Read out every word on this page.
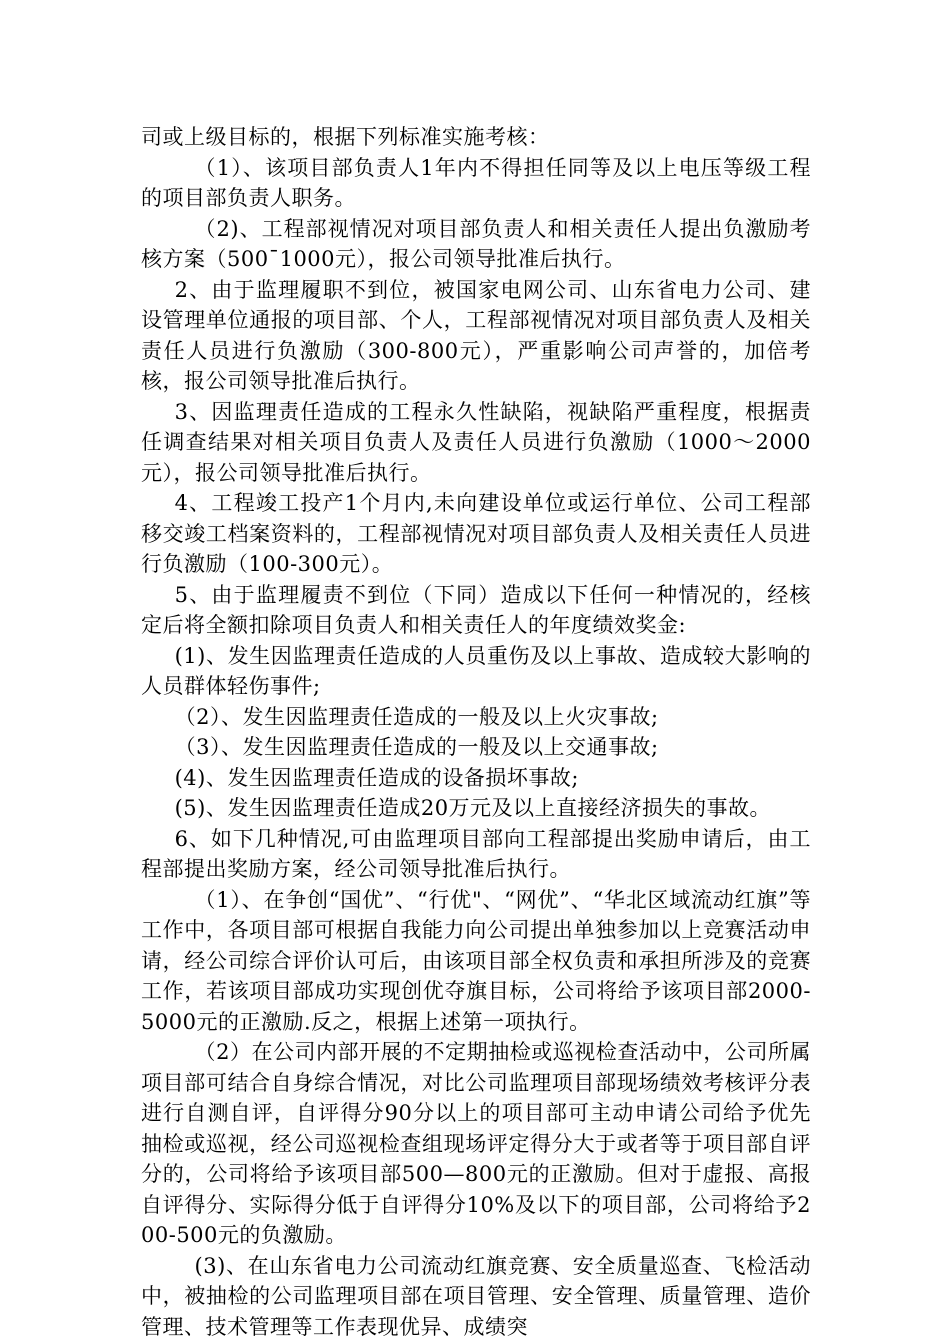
司或上级目标的，根据下列标准实施考核：

（1）、该项目部负责人1年内不得担任同等及以上电压等级工程的项目部负责人职务。

（2)、工程部视情况对项目部负责人和相关责任人提出负激励考核方案（500¯1000元），报公司领导批准后执行。

2、由于监理履职不到位，被国家电网公司、山东省电力公司、建设管理单位通报的项目部、个人，工程部视情况对项目部负责人及相关责任人员进行负激励（300-800元），严重影响公司声誉的，加倍考核，报公司领导批准后执行。

3、因监理责任造成的工程永久性缺陷，视缺陷严重程度，根据责任调查结果对相关项目负责人及责任人员进行负激励（1000～2000元），报公司领导批准后执行。

4、工程竣工投产1个月内,未向建设单位或运行单位、公司工程部移交竣工档案资料的，工程部视情况对项目部负责人及相关责任人员进行负激励（100-300元）。

5、由于监理履责不到位（下同）造成以下任何一种情况的，经核定后将全额扣除项目负责人和相关责任人的年度绩效奖金:

(1)、发生因监理责任造成的人员重伤及以上事故、造成较大影响的人员群体轻伤事件;

（2）、发生因监理责任造成的一般及以上火灾事故;

（3）、发生因监理责任造成的一般及以上交通事故;

(4)、发生因监理责任造成的设备损坏事故;

(5)、发生因监理责任造成20万元及以上直接经济损失的事故。

6、如下几种情况,可由监理项目部向工程部提出奖励申请后，由工程部提出奖励方案，经公司领导批准后执行。

（1）、在争创“国优”、“行优"、“网优”、“华北区域流动红旗”等工作中，各项目部可根据自我能力向公司提出单独参加以上竞赛活动申请，经公司综合评价认可后，由该项目部全权负责和承担所涉及的竞赛工作，若该项目部成功实现创优夺旗目标，公司将给予该项目部2000-5000元的正激励.反之，根据上述第一项执行。

（2）在公司内部开展的不定期抽检或巡视检查活动中，公司所属项目部可结合自身综合情况，对比公司监理项目部现场绩效考核评分表进行自测自评，自评得分90分以上的项目部可主动申请公司给予优先抽检或巡视，经公司巡视检查组现场评定得分大于或者等于项目部自评分的，公司将给予该项目部500—800元的正激励。但对于虚报、高报自评得分、实际得分低于自评得分10%及以下的项目部，公司将给予200-500元的负激励。

(3)、在山东省电力公司流动红旗竞赛、安全质量巡查、飞检活动中，被抽检的公司监理项目部在项目管理、安全管理、质量管理、造价管理、技术管理等工作表现优异、成绩突
